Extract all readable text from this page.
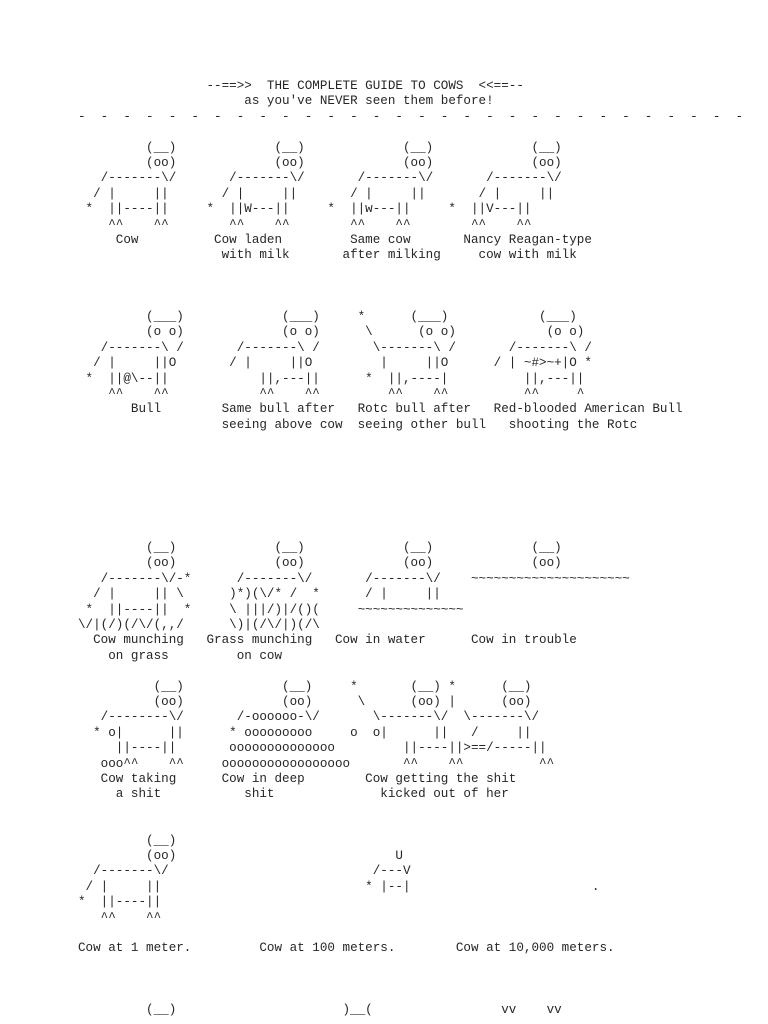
--==>>  THE COMPLETE GUIDE TO COWS  <<==--
as you've NEVER seen them before!
-  -  -  -  -  -  -  -  -  -  -  -  -  -  -  -  -  -  -  -  -  -  -  -  -  -  -  -  -  -
(__)             (__)             (__)             (__)
(oo)             (oo)             (oo)             (oo)
/-------\/       /-------\/       /-------\/       /-------\/
/ |     ||       / |     ||       / |     ||       / |     ||
*  ||----||     *  ||W---||     *  ||w---||     *  ||V---||
^^    ^^        ^^    ^^        ^^    ^^        ^^    ^^
Cow          Cow laden         Same cow       Nancy Reagan-type
with milk       after milking     cow with milk
(___)             (___)     *      (___)            (___)
(o o)             (o o)      \      (o o)            (o o)
/-------\ /       /-------\ /       \-------\ /       /-------\ /
/ |     ||O       / |     ||O         |     ||O      / | ~#>~+|O *
*  ||@\--||            ||,---||      *  ||,----|          ||,---||
^^    ^^            ^^    ^^         ^^    ^^          ^^     ^
Bull        Same bull after   Rotc bull after   Red-blooded American Bull
seeing above cow  seeing other bull   shooting the Rotc
(__)             (__)             (__)             (__)
(oo)             (oo)             (oo)             (oo)
/-------\/-*      /-------\/       /-------\/    ~~~~~~~~~~~~~~~~~~~~~
/ |     || \      )*)(\/* /  *      / |     ||
*  ||----||  *     \ |||/)|/()(     ~~~~~~~~~~~~~~
\/|(/)(/\/(,,/      \)|(/\/|)(/\
Cow munching   Grass munching   Cow in water      Cow in trouble
on grass         on cow
(__)             (__)     *       (__) *      (__)
(oo)             (oo)      \      (oo) |      (oo)
/--------\/       /-oooooo-\/       \-------\/  \-------\/
* o|      ||      * ooooooooo     o  o|      ||   /     ||
||----||       oooooooooooooo         ||----||>==/-----||
ooo^^    ^^     ooooooooooooooooo       ^^    ^^          ^^
Cow taking      Cow in deep        Cow getting the shit
a shit           shit              kicked out of her
(__)
(oo)                             U
/-------\/                           /---V
/ |     ||                           * |--|                        .
*  ||----||
^^    ^^
Cow at 1 meter.         Cow at 100 meters.        Cow at 10,000 meters.
(__)                      )__(                 vv    vv
